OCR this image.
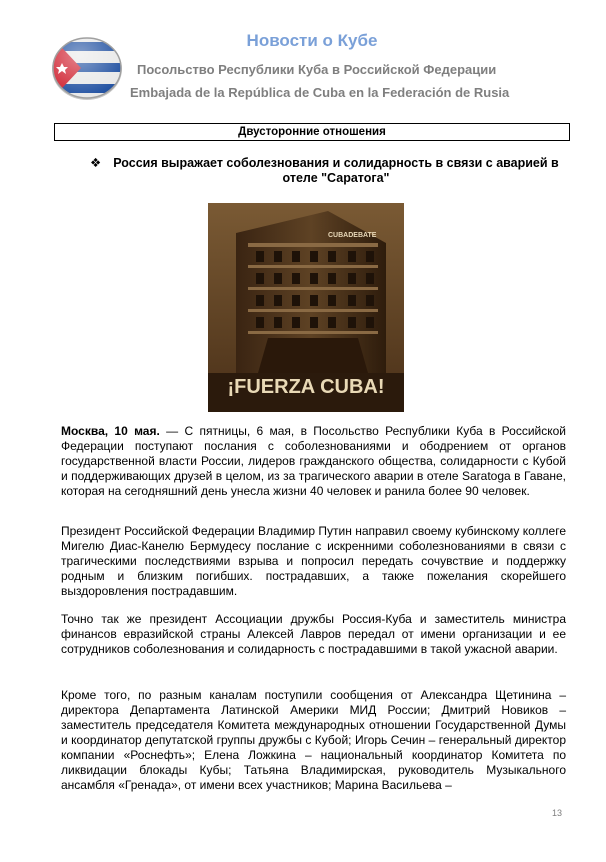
Новости о Кубе
Посольство Республики Куба в Российской Федерации
Embajada de la República de Cuba en la Federación de Rusia
Двусторонние отношения
❖ Россия выражает соболезнования и солидарность в связи с аварией в отеле "Саратога"
CUBADEBATE
¡FUERZA CUBA!
Москва, 10 мая. — С пятницы, 6 мая, в Посольство Республики Куба в Российской Федерации поступают послания с соболезнованиями и ободрением от органов государственной власти России, лидеров гражданского общества, солидарности с Кубой и поддерживающих друзей в целом, из за трагического аварии в отеле Saratoga в Гаване, которая на сегодняшний день унесла жизни 40 человек и ранила более 90 человек.
Президент Российской Федерации Владимир Путин направил своему кубинскому коллеге Мигелю Диас-Канелю Бермудесу послание с искренними соболезнованиями в связи с трагическими последствиями взрыва и попросил передать сочувствие и поддержку родным и близким погибших. пострадавших, а также пожелания скорейшего выздоровления пострадавшим.
Точно так же президент Ассоциации дружбы Россия-Куба и заместитель министра финансов евразийской страны Алексей Лавров передал от имени организации и ее сотрудников соболезнования и солидарность с пострадавшими в такой ужасной аварии.
Кроме того, по разным каналам поступили сообщения от Александра Щетинина – директора Департамента Латинской Америки МИД России; Дмитрий Новиков – заместитель председателя Комитета международных отношении Государственной Думы и координатор депутатской группы дружбы с Кубой; Игорь Сечин – генеральный директор компании «Роснефть»; Елена Ложкина – национальный координатор Комитета по ликвидации блокады Кубы; Татьяна Владимирская, руководитель Музыкального ансамбля «Гренада», от имени всех участников; Марина Васильева –
13
